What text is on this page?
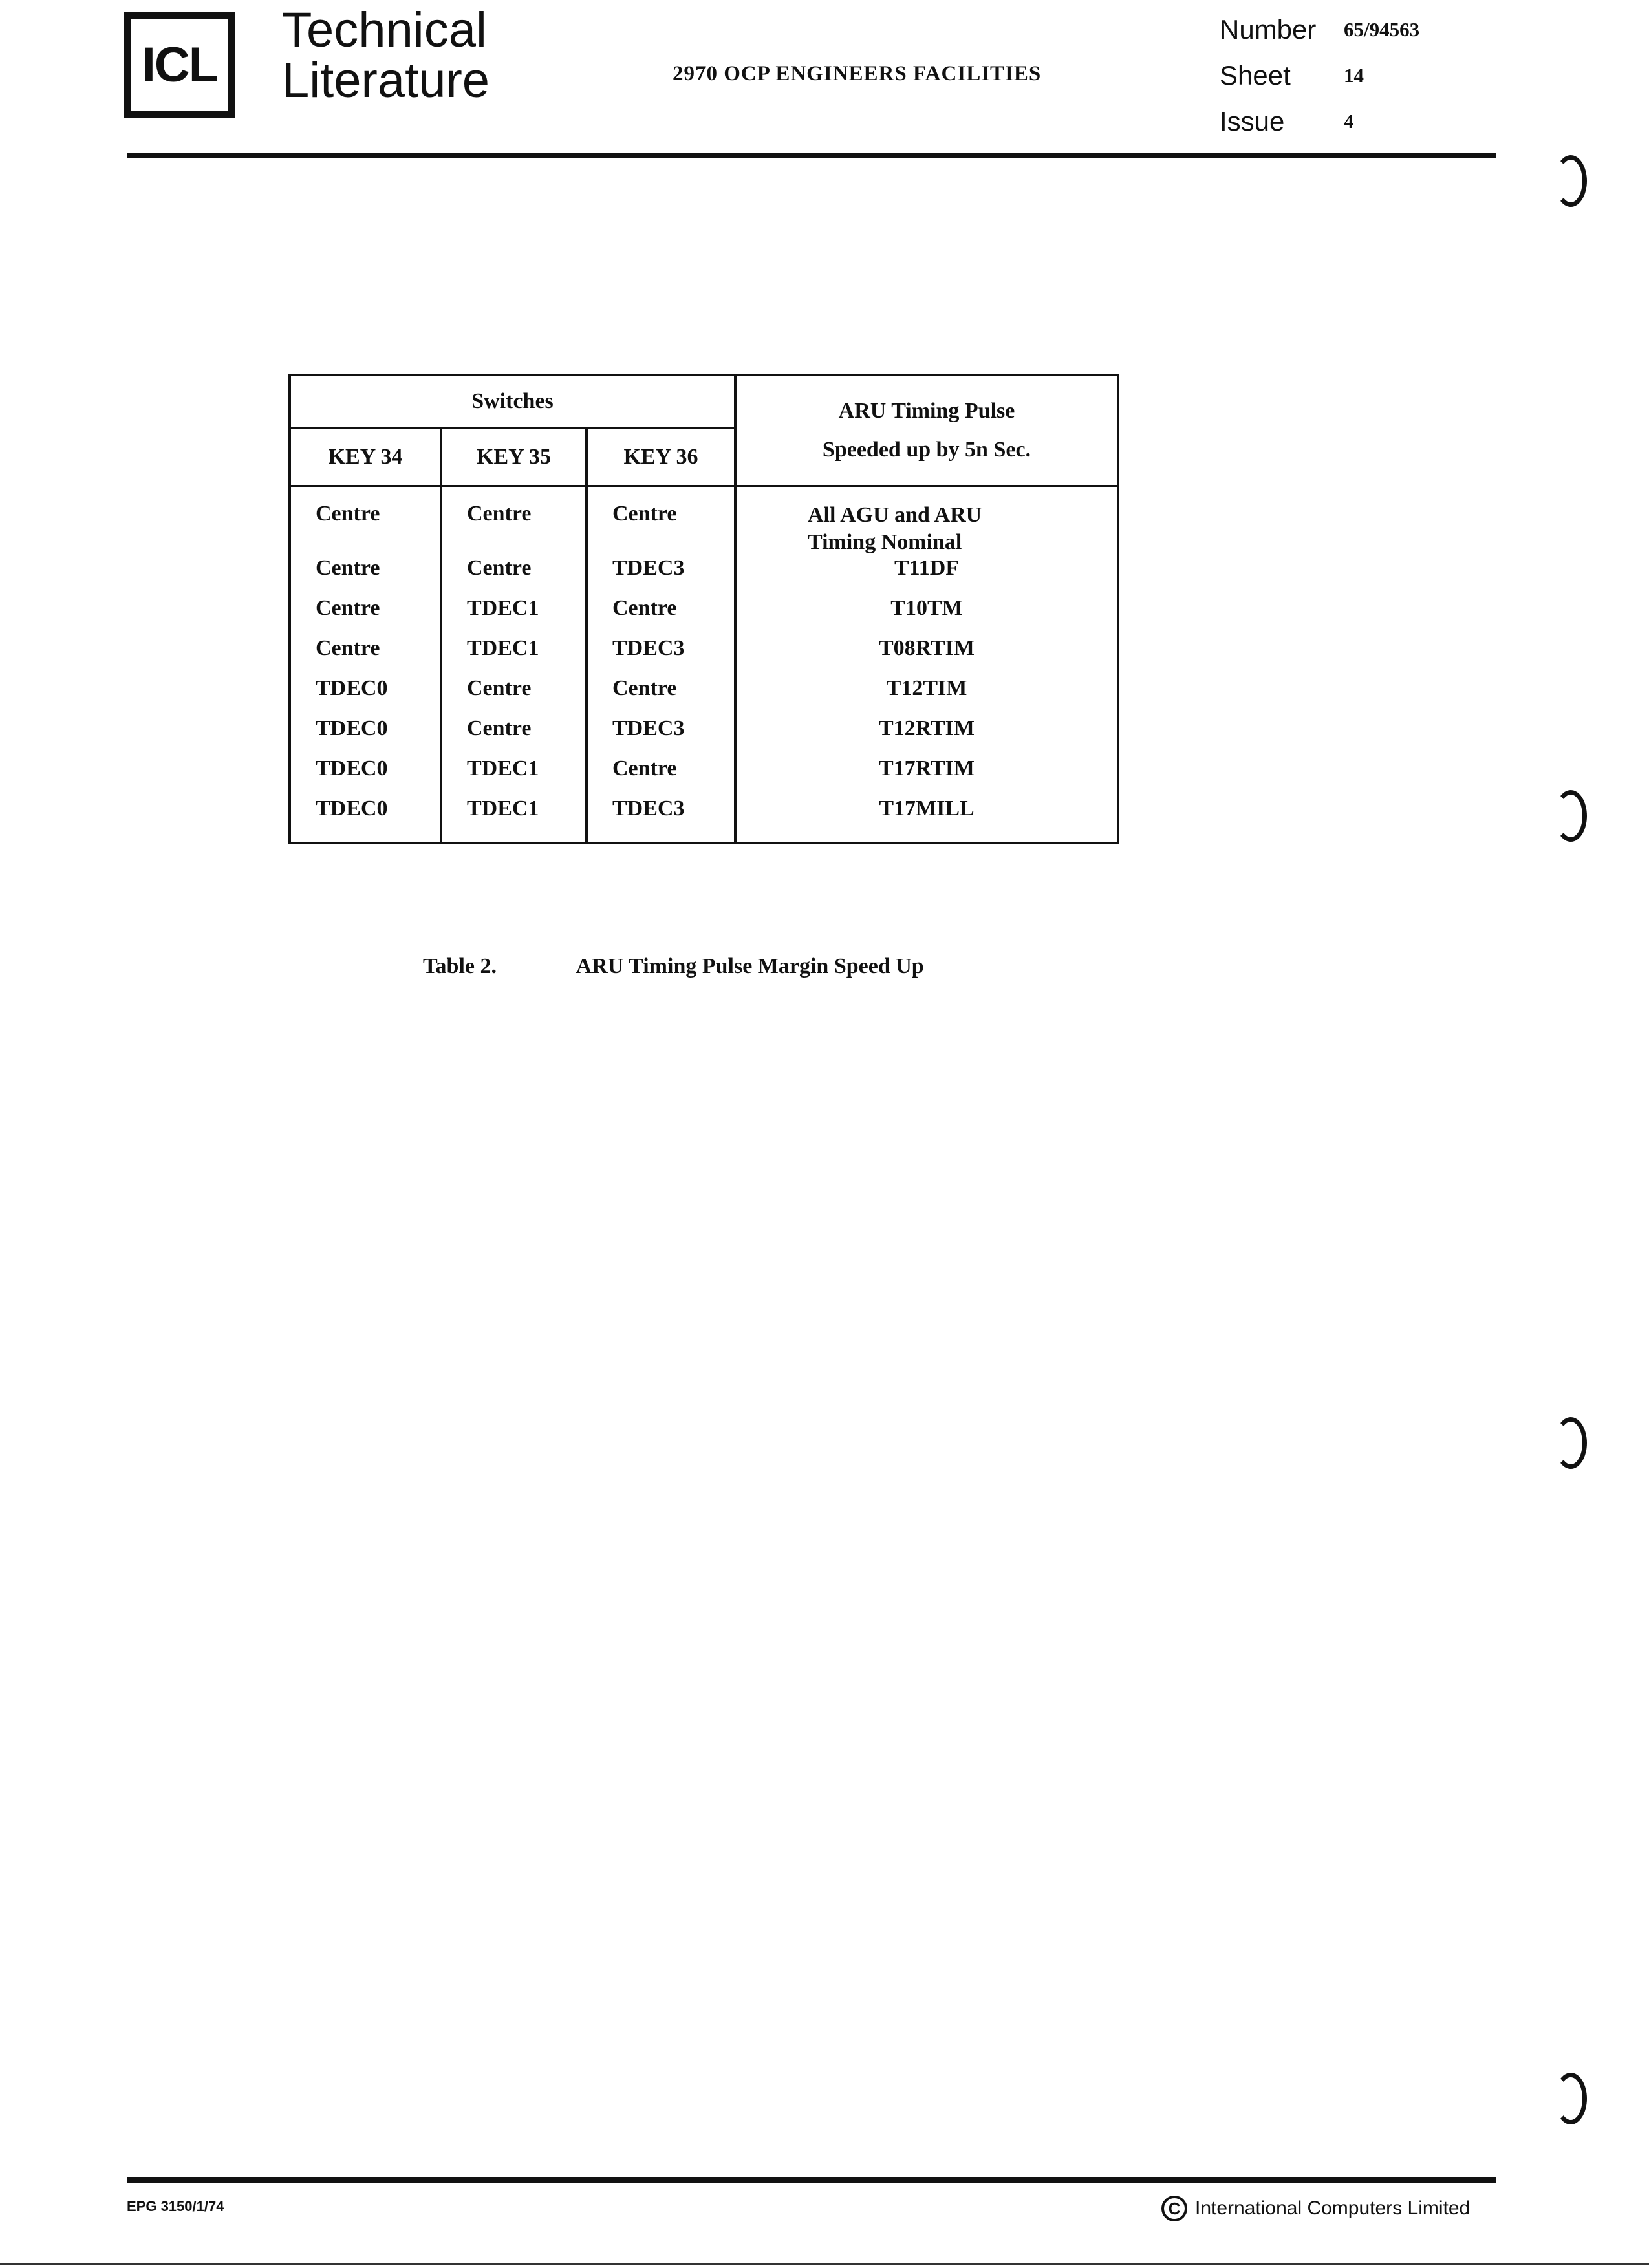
ICL
Technical
Literature	2970 OCP ENGINEERS FACILITIES
Number	65/94563
Sheet	14
Issue	4
Switches			ARU Timing Pulse
Speeded up by 5n Sec.

KEY 34	KEY 35	KEY 36	
Centre	Centre	Centre	All AGU and ARU
Timing Nominal

Centre	Centre	TDEC3	T11DF
Centre	TDEC1	Centre	T10TM
Centre	TDEC1	TDEC3	T08RTIM
TDEC0	Centre	Centre	T12TIM
TDEC0	Centre	TDEC3	T12RTIM
TDEC0	TDEC1	Centre	T17RTIM
TDEC0	TDEC1	TDEC3	T17MILL
Table 2.	ARU Timing Pulse Margin Speed Up
EPG 3150/1/74	C International Computers Limited
